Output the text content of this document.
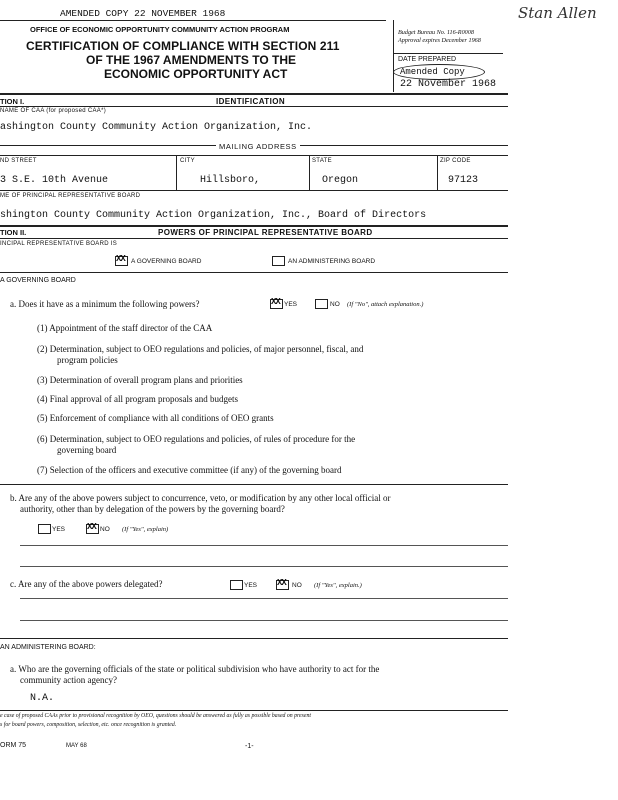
AMENDED COPY 22 NOVEMBER 1968	Stan Allen
OFFICE OF ECONOMIC OPPORTUNITY COMMUNITY ACTION PROGRAM	Budget Bureau No. 116-R0008
Approval expires December 1968
CERTIFICATION OF COMPLIANCE WITH SECTION 211
OF THE 1967 AMENDMENTS TO THE
ECONOMIC OPPORTUNITY ACT
DATE PREPARED
Amended Copy
22 November 1968
TION I.	IDENTIFICATION
NAME OF CAA (for proposed CAA*)
ashington County Community Action Organization, Inc.
MAILING ADDRESS
ND STREET	CITY	STATE	ZIP CODE
3 S.E. 10th Avenue	Hillsboro,	Oregon	97123
ME OF PRINCIPAL REPRESENTATIVE BOARD
shington County Community Action Organization, Inc., Board of Directors
TION II.	POWERS OF PRINCIPAL REPRESENTATIVE BOARD
INCIPAL REPRESENTATIVE BOARD IS
XX A GOVERNING BOARD	AN ADMINISTERING BOARD
A GOVERNING BOARD
a. Does it have as a minimum the following powers?	XX YES	NO (If "No", attach explanation.)
(1) Appointment of the staff director of the CAA
(2) Determination, subject to OEO regulations and policies, of major personnel, fiscal, and
program policies
(3) Determination of overall program plans and priorities
(4) Final approval of all program proposals and budgets
(5) Enforcement of compliance with all conditions of OEO grants
(6) Determination, subject to OEO regulations and policies, of rules of procedure for the
governing board
(7) Selection of the officers and executive committee (if any) of the governing board
b. Are any of the above powers subject to concurrence, veto, or modification by any other local official or
authority, other than by delegation of the powers by the governing board?
YES XX NO (If "Yes", explain)
c. Are any of the above powers delegated?	YES XX NO (If "Yes", explain.)
AN ADMINISTERING BOARD:
a. Who are the governing officials of the state or political subdivision who have authority to act for the
community action agency?
N.A.
e case of proposed CAAs prior to provisional recognition by OEO, questions should be answered as fully as possible based on present
s for board powers, composition, selection, etc. once recognition is granted.
ORM 75	MAY 68	-1-
